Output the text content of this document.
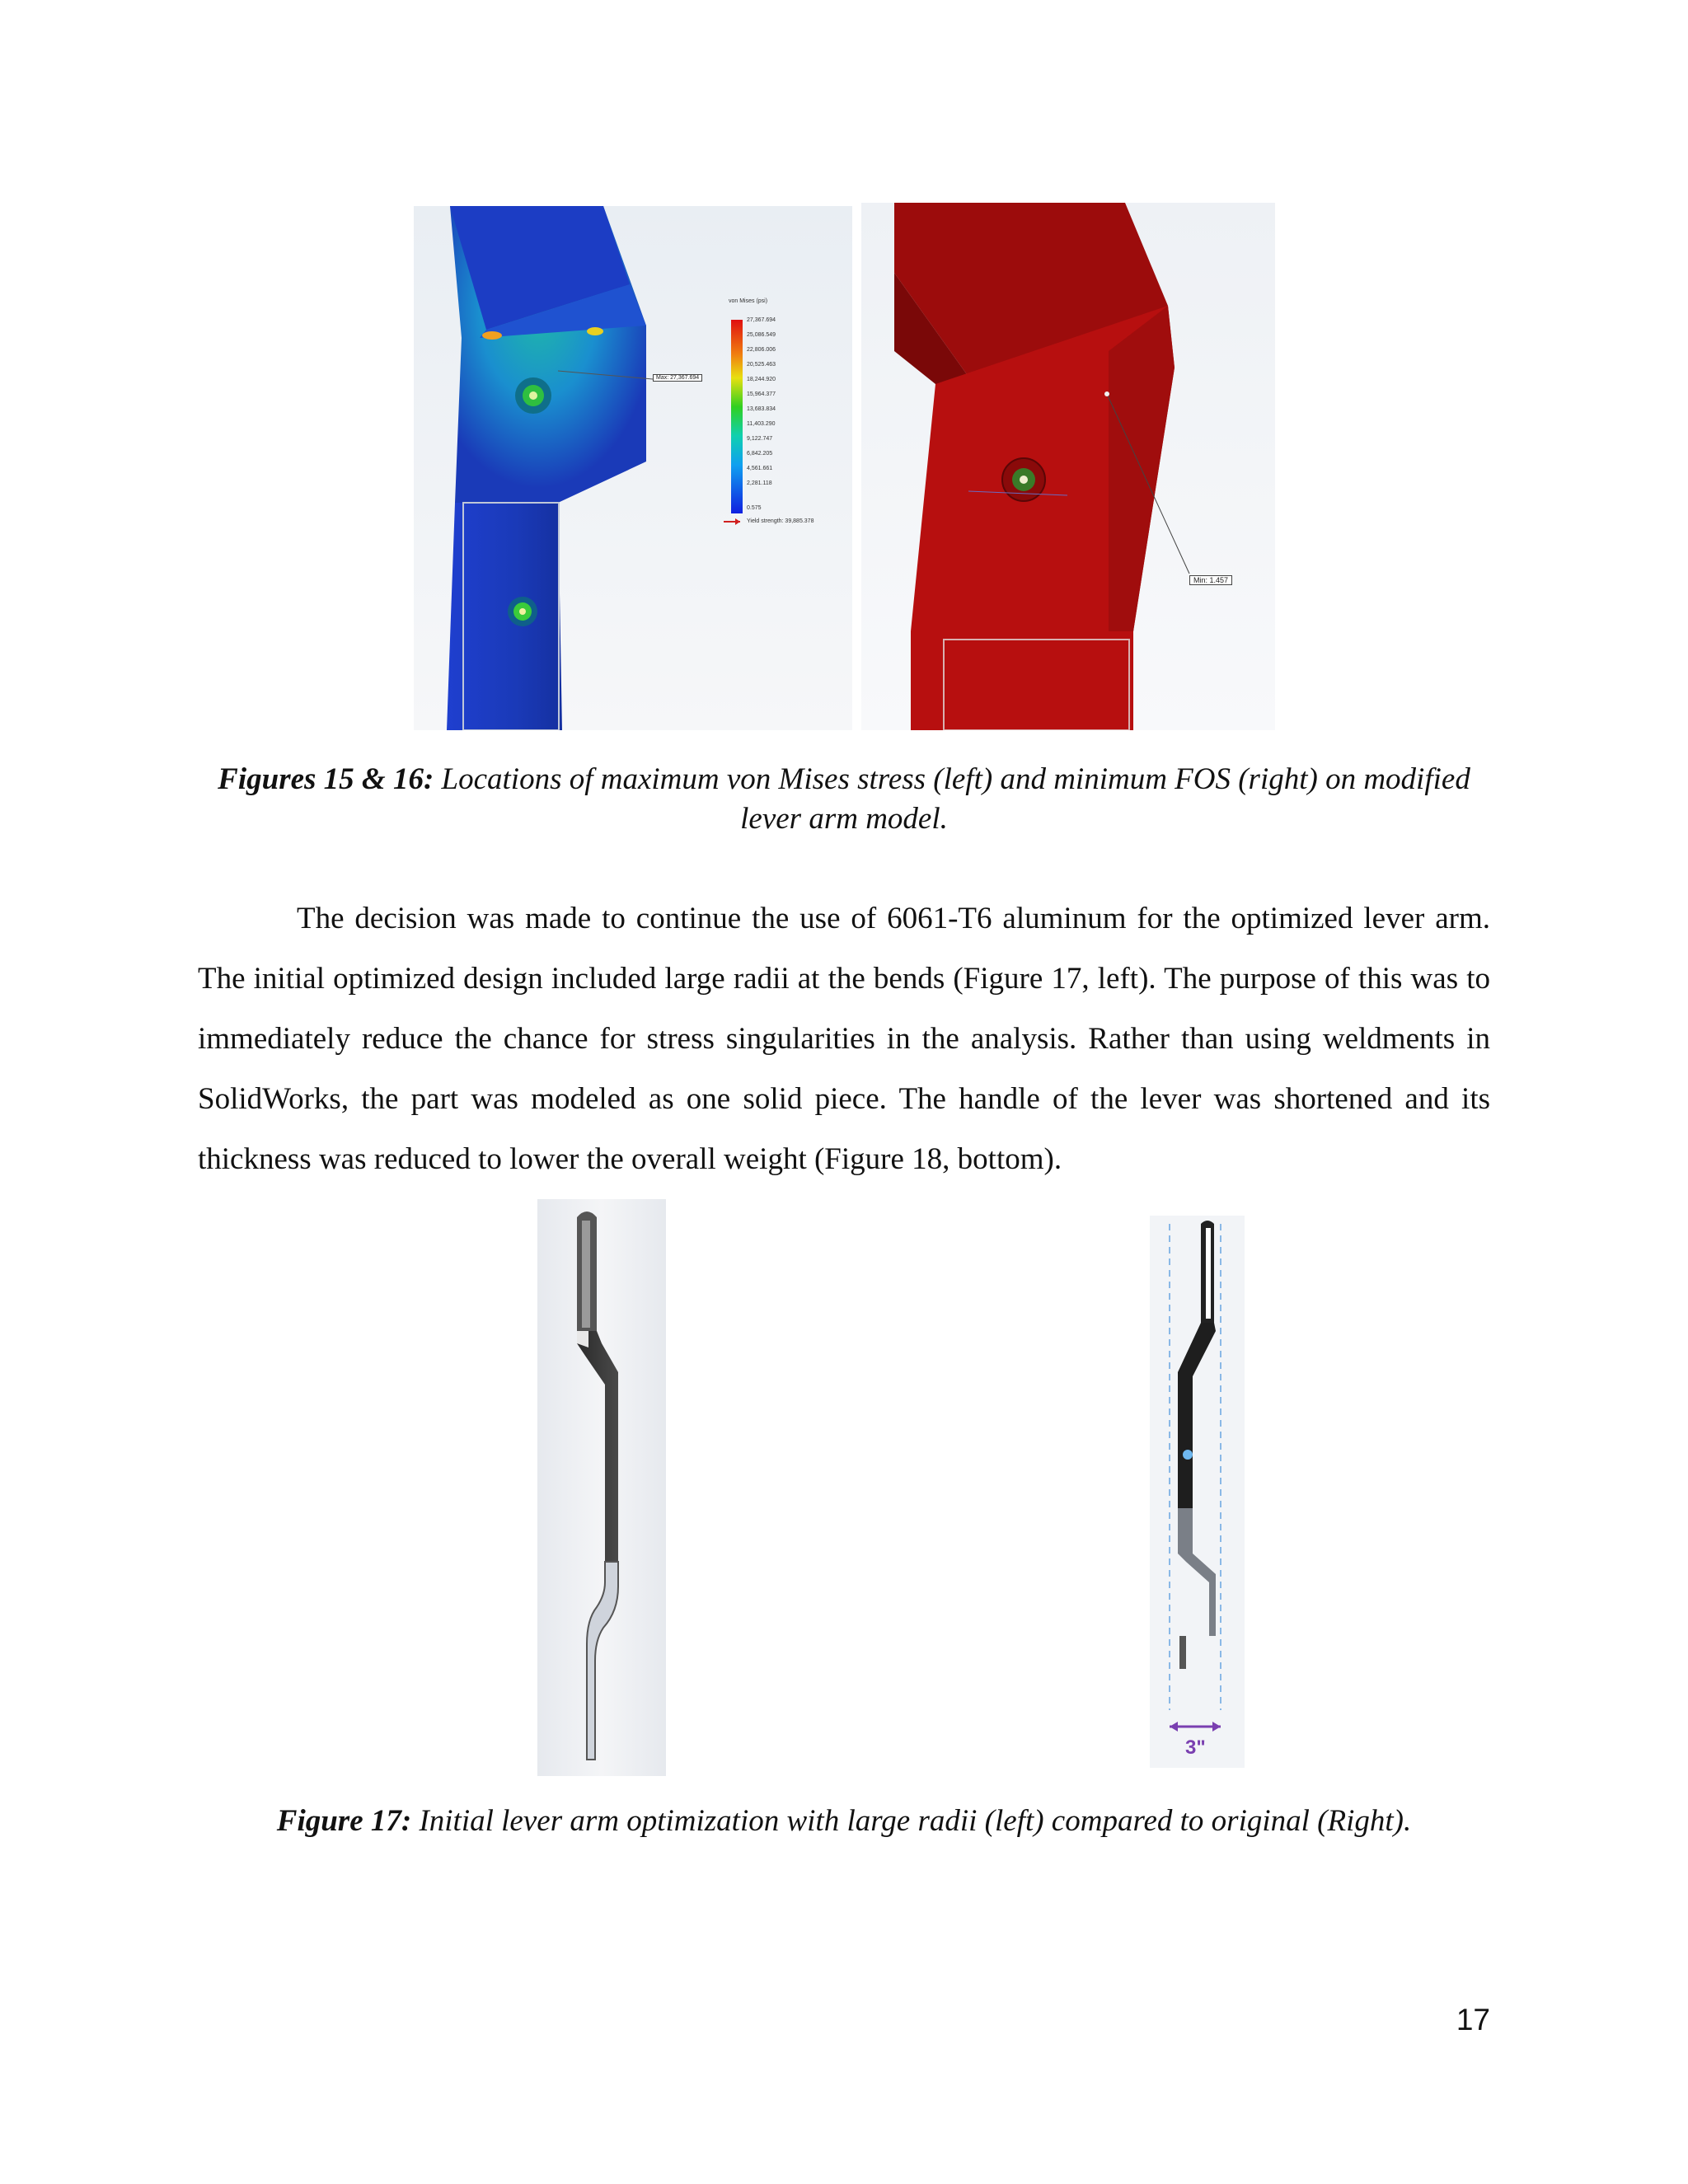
von Mises (psi)
27,367.694
25,086.549
22,806.006
20,525.463
18,244.920
15,964.377
13,683.834
11,403.290
9,122.747
6,842.205
4,561.661
2,281.118
0.575
Yield strength: 39,885.378
Max: 27,367.694
Min: 1.457
Figures 15 & 16: Locations of maximum von Mises stress (left) and minimum FOS (right) on modified lever arm model.

The decision was made to continue the use of 6061-T6 aluminum for the optimized lever arm. The initial optimized design included large radii at the bends (Figure 17, left). The purpose of this was to immediately reduce the chance for stress singularities in the analysis. Rather than using weldments in SolidWorks, the part was modeled as one solid piece. The handle of the lever was shortened and its thickness was reduced to lower the overall weight (Figure 18, bottom).

3"
Figure 17: Initial lever arm optimization with large radii (left) compared to original (Right).
17
